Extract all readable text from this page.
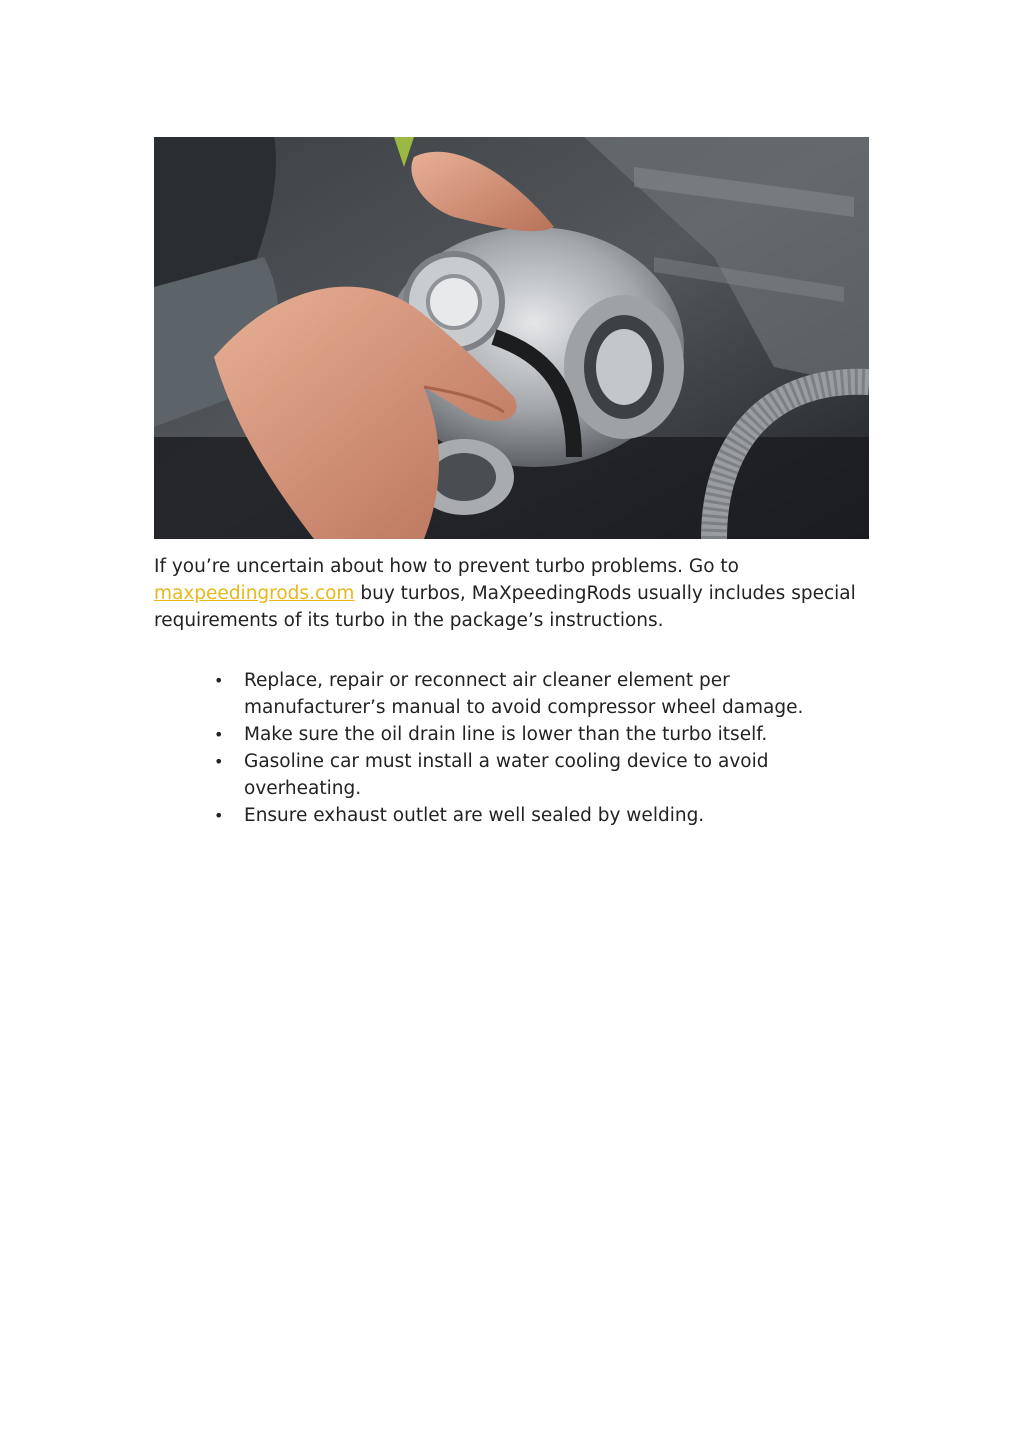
If you’re uncertain about how to prevent turbo problems. Go to maxpeedingrods.com buy turbos, MaXpeedingRods usually includes special requirements of its turbo in the package’s instructions.

• Replace, repair or reconnect air cleaner element per manufacturer’s manual to avoid compressor wheel damage.
• Make sure the oil drain line is lower than the turbo itself.
• Gasoline car must install a water cooling device to avoid overheating.
• Ensure exhaust outlet are well sealed by welding.
